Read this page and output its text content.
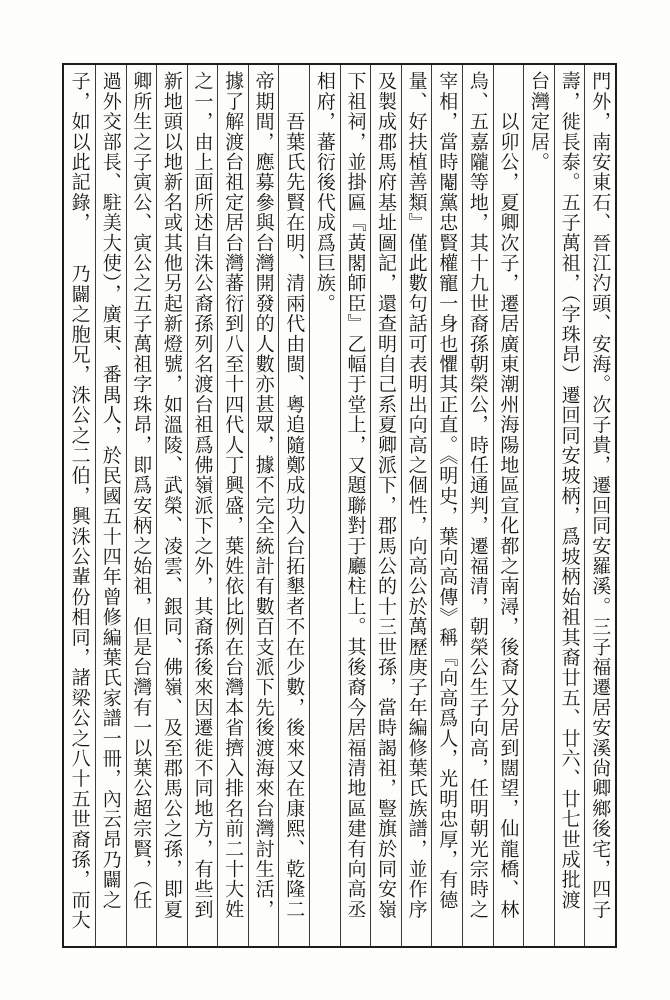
門外，南安東石、晉江汋頭、安海。次子貴，遷回同安羅溪。三子福遷居安溪尙卿鄉後宅，四子
壽，徙長泰。五子萬祖，（字珠昂）遷回同安坡柄，爲坡柄始祖其裔廿五、廿六、廿七世成批渡
台灣定居。
　　以卯公，夏卿次子，遷居廣東潮州海陽地區宣化都之南潯，後裔又分居到闊望，仙龍橋、林
烏、五嘉隴等地，其十九世裔孫朝榮公，時任通判，遷福清，朝榮公生子向高，任明朝光宗時之
宰相，當時閹黨忠賢權寵一身也懼其正直。《明史，葉向高傳》稱『向高爲人，光明忠厚，有德
量、好扶植善類』僅此數句話可表明出向高之個性，向高公於萬歷庚子年編修葉氏族譜，並作序
及製成郡馬府基址圖記，還查明自己系夏卿派下，郡馬公的十三世孫，當時謁祖，豎旗於同安嶺
下祖祠，並掛匾『黃閣師臣』乙幅于堂上，又題聯對于廳柱上。其後裔今居福清地區建有向高丞
相府，蕃衍後代成爲巨族。
　　吾葉氏先賢在明、清兩代由閩、粵追隨鄭成功入台拓墾者不在少數，後來又在康熙、乾隆二
帝期間，應募參與台灣開發的人數亦甚眾，據不完全統計有數百支派下先後渡海來台灣討生活，
據了解渡台祖定居台灣蕃衍到八至十四代人丁興盛，葉姓依比例在台灣本省擠入排名前二十大姓
之一，由上面所述自洙公裔孫列名渡台祖爲佛嶺派下之外，其裔孫後來因遷徙不同地方，有些到
新地頭以地新名或其他另起新燈號，如溫陵、武榮、凌雲、銀同、佛嶺、及至郡馬公之孫，即夏
卿所生之子寅公、寅公之五子萬祖字珠昂，即爲安柄之始祖，但是台灣有一以葉公超宗賢，（任
過外交部長、駐美大使），廣東、番禺人，於民國五十四年曾修編葉氏家譜一冊，內云昂乃闢之
子，如以此記錄，　　乃闢之胞兄，洙公之二伯，興洙公輩份相同，諸梁公之八十五世裔孫，而大
